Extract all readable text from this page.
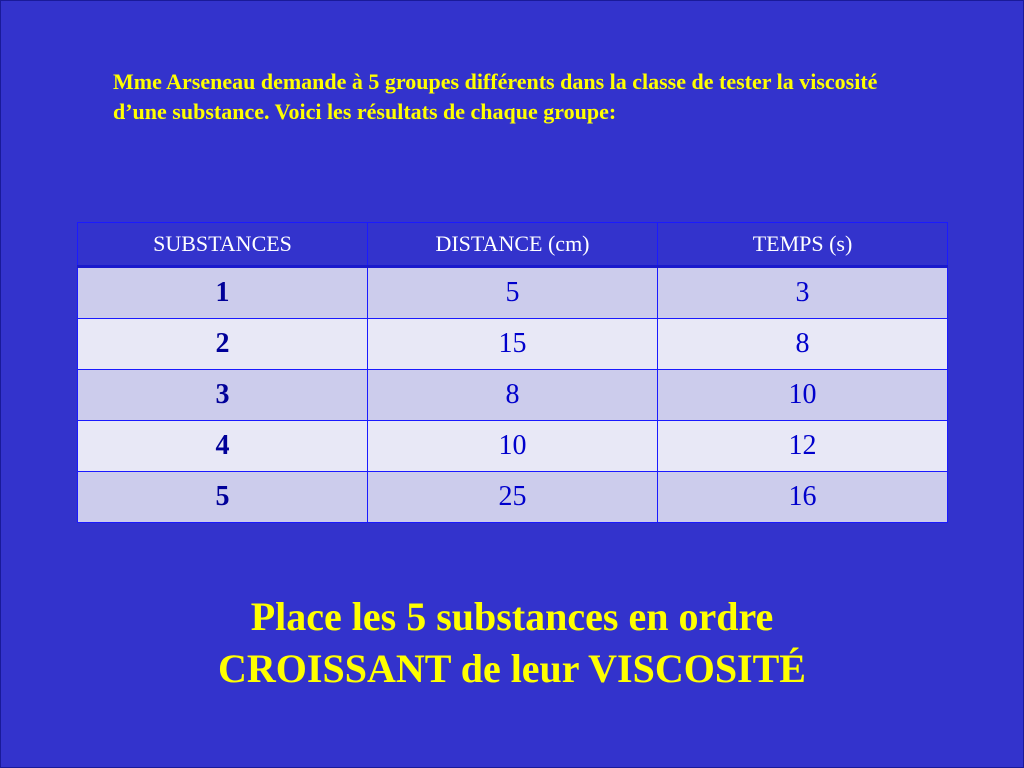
Mme Arseneau demande à 5 groupes différents dans la classe de tester la viscosité d’une substance. Voici les résultats de chaque groupe:

SUBSTANCES	DISTANCE (cm)	TEMPS (s)
1	5	3
2	15	8
3	8	10
4	10	12
5	25	16
Place les 5 substances en ordre
CROISSANT de leur VISCOSITÉ
